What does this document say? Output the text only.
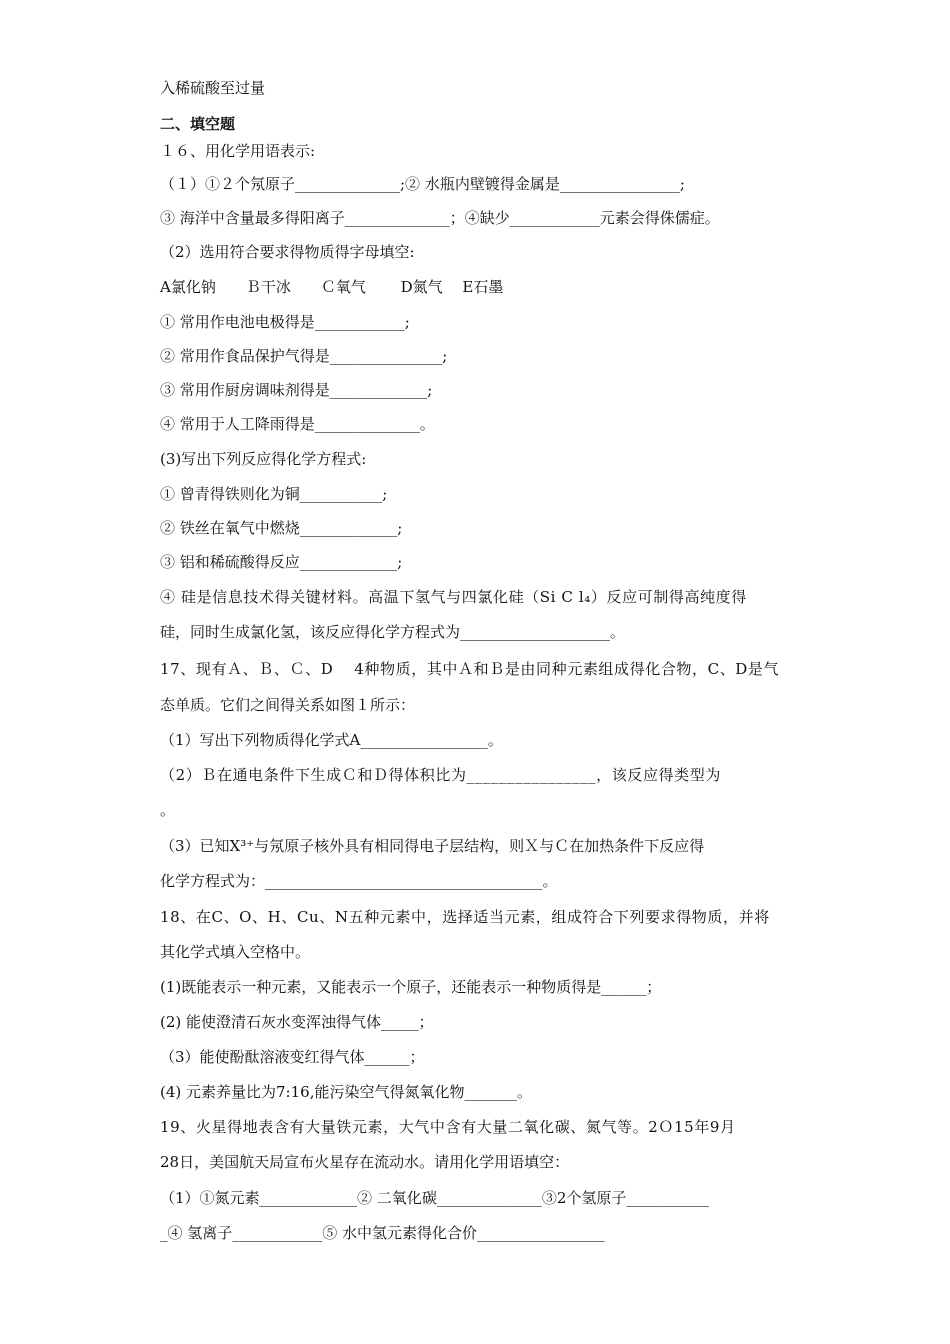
入稀硫酸至过量
二、填空题
１６、用化学用语表示:
（１）①２个氖原子______________;② 水瓶内壁镀得金属是________________;
③ 海洋中含量最多得阳离子______________；④缺少____________元素会得侏儒症。
（2）选用符合要求得物质得字母填空:
A氯化钠　　Ｂ干冰　　Ｃ氧气　　 D氮气　 E石墨
① 常用作电池电极得是____________;
② 常用作食品保护气得是_______________;
③ 常用作厨房调味剂得是_____________;
④ 常用于人工降雨得是______________。
(3)写出下列反应得化学方程式:
① 曾青得铁则化为铜___________;
② 铁丝在氧气中燃烧_____________;
③ 铝和稀硫酸得反应_____________;
④ 硅是信息技术得关键材料。高温下氢气与四氯化硅（Si C l₄）反应可制得高纯度得
硅，同时生成氯化氢，该反应得化学方程式为____________________。
17、现有Ａ、Ｂ、Ｃ、D　 4种物质，其中Ａ和Ｂ是由同种元素组成得化合物，C、D是气
态单质。它们之间得关系如图１所示：
（1）写出下列物质得化学式A_________________。
（2）Ｂ在通电条件下生成Ｃ和Ｄ得体积比为________________，该反应得类型为
。
（3）已知X³⁺与氖原子核外具有相同得电子层结构，则Ｘ与Ｃ在加热条件下反应得
化学方程式为：_____________________________________。
18、在C、O、H、Cu、N五种元素中，选择适当元素，组成符合下列要求得物质，并将
其化学式填入空格中。
(1)既能表示一种元素，又能表示一个原子，还能表示一种物质得是______；
(2) 能使澄清石灰水变浑浊得气体_____；
（3）能使酚酞溶液变红得气体______；
(4) 元素养量比为7:16,能污染空气得氮氧化物_______。
19、火星得地表含有大量铁元素，大气中含有大量二氧化碳、氮气等。2Ｏ15年9月
28日，美国航天局宣布火星存在流动水。请用化学用语填空：
（1）①氮元素_____________② 二氧化碳______________③2个氢原子___________
_④ 氢离子____________⑤ 水中氢元素得化合价_________________
